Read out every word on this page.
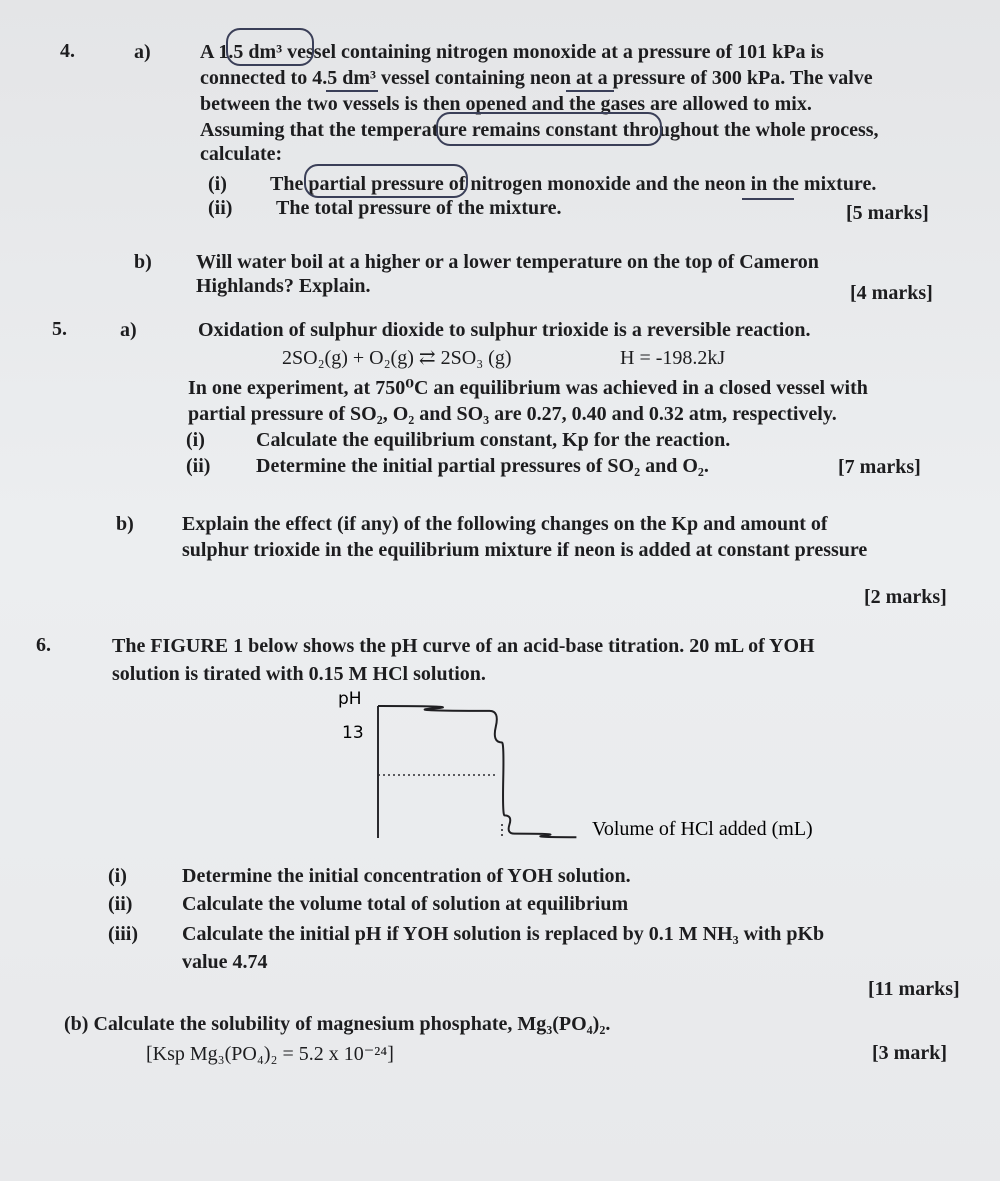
4.	a) A 1.5 dm³ vessel containing nitrogen monoxide at a pressure of 101 kPa is
connected to 4.5 dm³ vessel containing neon at a pressure of 300 kPa. The valve
between the two vessels is then opened and the gases are allowed to mix.
Assuming that the temperature remains constant throughout the whole process,
calculate:
(i) The partial pressure of nitrogen monoxide and the neon in the mixture.
(ii) The total pressure of the mixture.	[5 marks]
b) Will water boil at a higher or a lower temperature on the top of Cameron
Highlands? Explain.	[4 marks]
5.	a)	Oxidation of sulphur dioxide to sulphur trioxide is a reversible reaction.
2SO₂(g) + O₂(g) ⇄ 2SO₃ (g)	H = -198.2kJ
In one experiment, at 750⁰C an equilibrium was achieved in a closed vessel with
partial pressure of SO₂, O₂ and SO₃ are 0.27, 0.40 and 0.32 atm, respectively.
(i)	Calculate the equilibrium constant, Kp for the reaction.
(ii) Determine the initial partial pressures of SO₂ and O₂.	[7 marks]
b) Explain the effect (if any) of the following changes on the Kp and amount of
sulphur trioxide in the equilibrium mixture if neon is added at constant pressure
[2 marks]
6.	The FIGURE 1 below shows the pH curve of an acid-base titration. 20 mL of YOH
solution is tirated with 0.15 M HCl solution.
pH
13
Volume of HCl added (mL)
(i)	Determine the initial concentration of YOH solution.
(ii) Calculate the volume total of solution at equilibrium
(iii) Calculate the initial pH if YOH solution is replaced by 0.1 M NH₃ with pKb
value 4.74
[11 marks]
(b) Calculate the solubility of magnesium phosphate, Mg₃(PO₄)₂.
[Ksp Mg₃(PO₄)₂ = 5.2 x 10⁻²⁴]	[3 mark]
